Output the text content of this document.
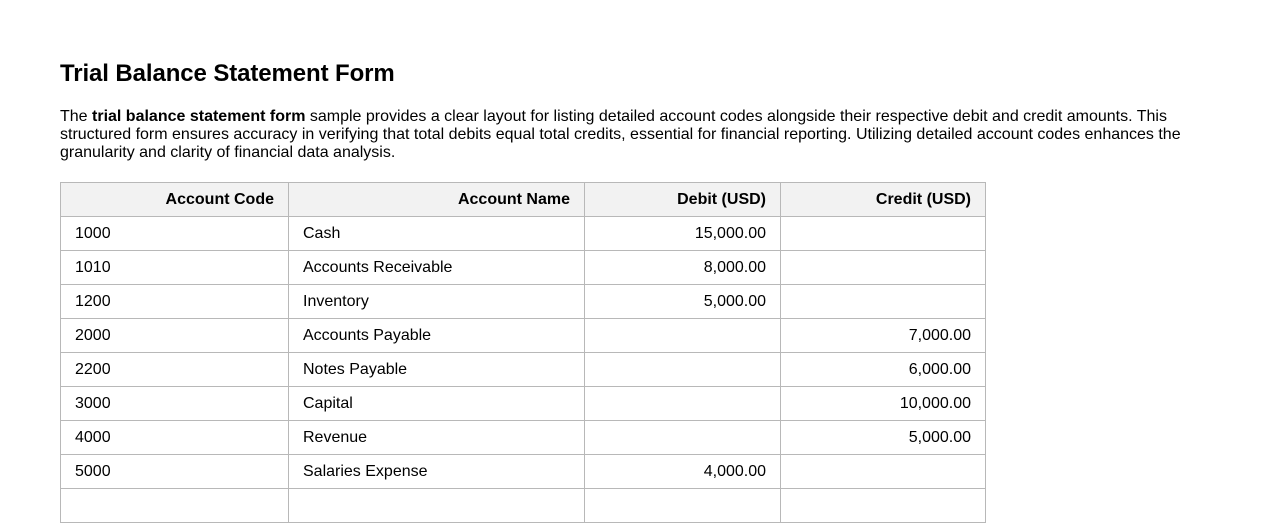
Trial Balance Statement Form

The trial balance statement form sample provides a clear layout for listing detailed account codes alongside their respective debit and credit amounts. This structured form ensures accuracy in verifying that total debits equal total credits, essential for financial reporting. Utilizing detailed account codes enhances the granularity and clarity of financial data analysis.

Account Code	Account Name	Debit (USD)	Credit (USD)
1000	Cash	15,000.00	
1010	Accounts Receivable	8,000.00	
1200	Inventory	5,000.00	
2000	Accounts Payable		7,000.00
2200	Notes Payable		6,000.00
3000	Capital		10,000.00
4000	Revenue		5,000.00
5000	Salaries Expense	4,000.00	
